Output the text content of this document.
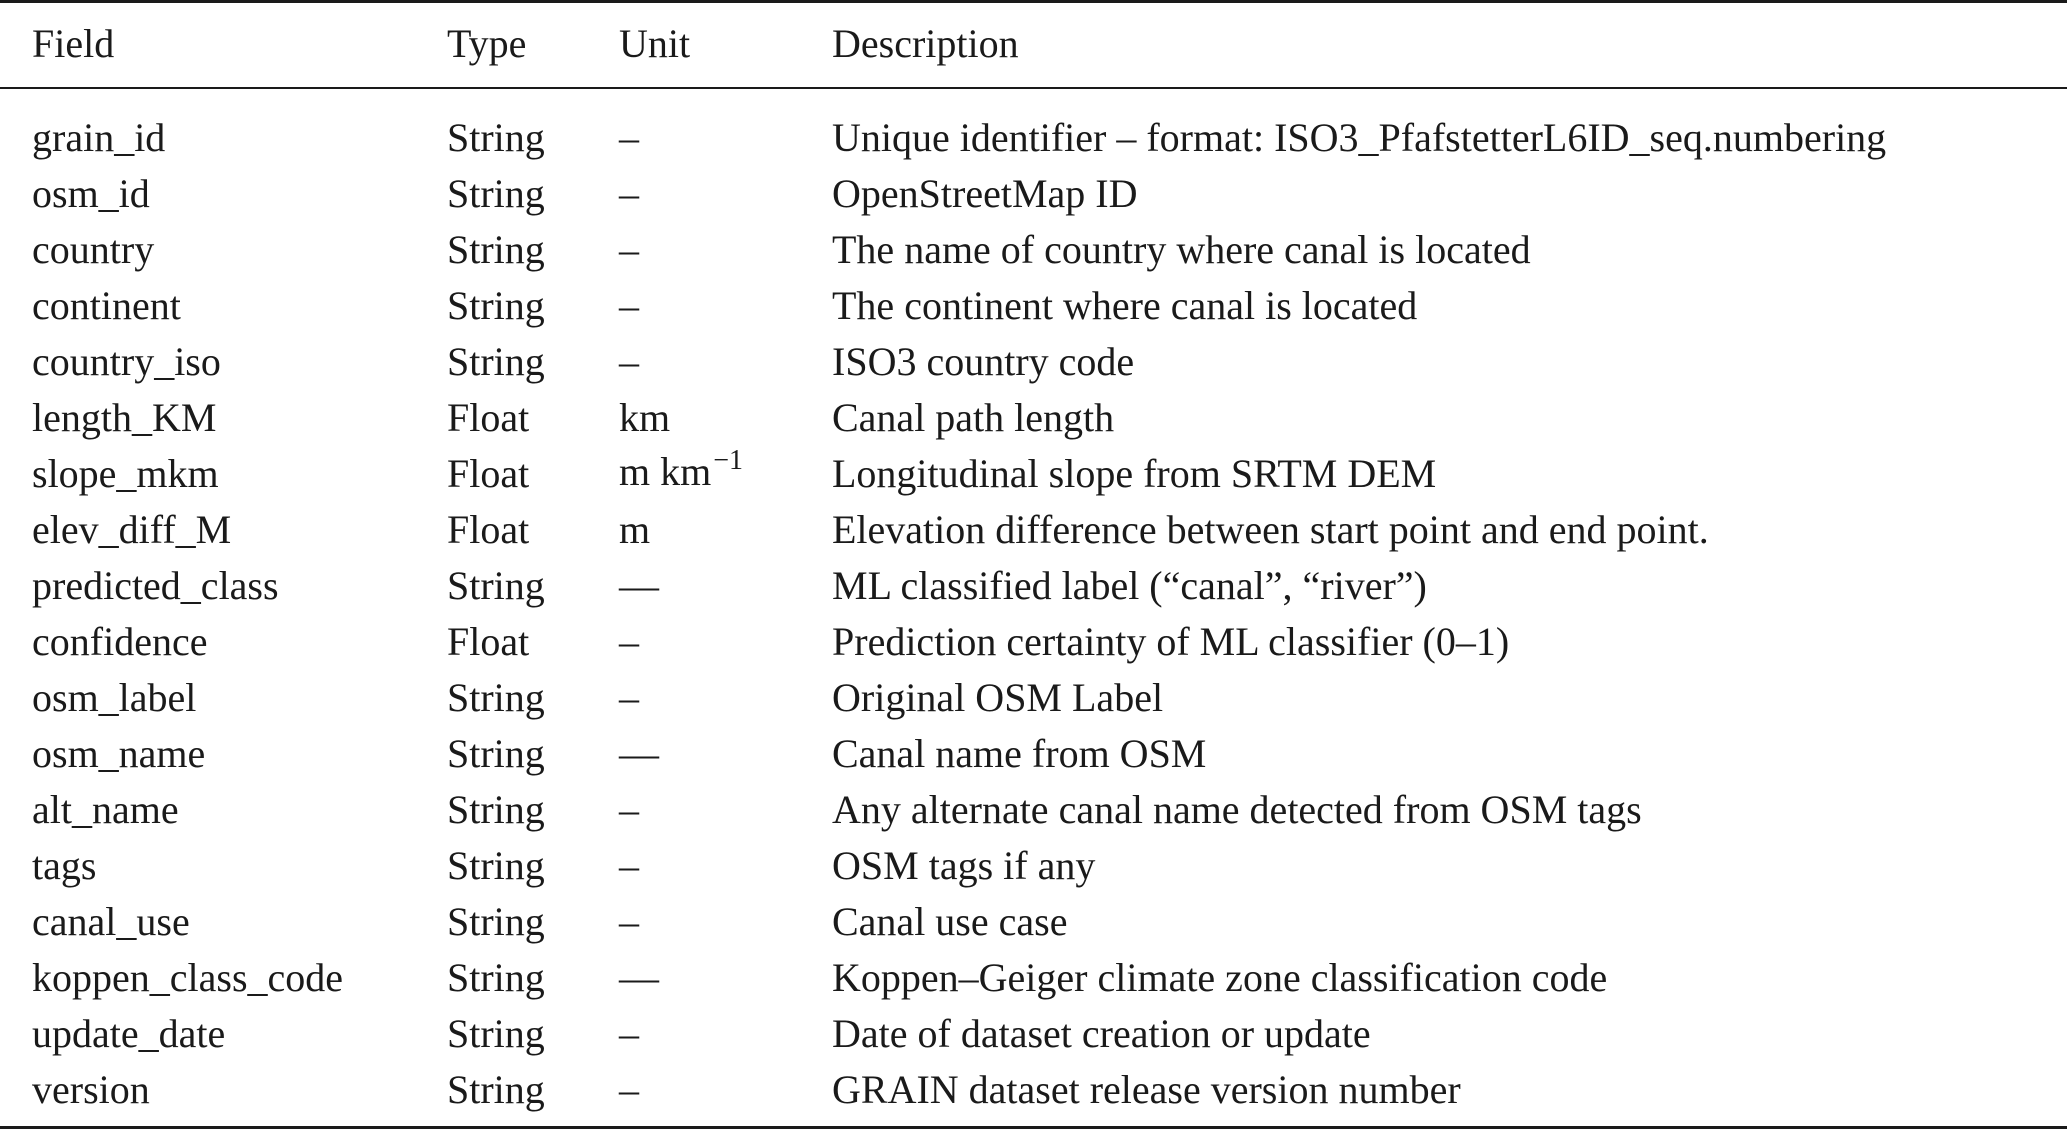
Field	Type	Unit	Description

grain_id	String	–	Unique identifier – format: ISO3_PfafstetterL6ID_seq.numbering
osm_id	String	–	OpenStreetMap ID
country	String	–	The name of country where canal is located
continent	String	–	The continent where canal is located
country_iso	String	–	ISO3 country code
length_KM	Float	km	Canal path length
slope_mkm	Float	m $km^{-1}$	Longitudinal slope from SRTM DEM
elev_diff_M	Float	m	Elevation difference between start point and end point.
predicted_class	String	—	ML classified label (“canal”, “river”)
confidence	Float	–	Prediction certainty of ML classifier (0–1)
osm_label	String	–	Original OSM Label
osm_name	String	—	Canal name from OSM
alt_name	String	–	Any alternate canal name detected from OSM tags
tags	String	–	OSM tags if any
canal_use	String	–	Canal use case
koppen_class_code	String	—	Koppen–Geiger climate zone classification code
update_date	String	–	Date of dataset creation or update
version	String	–	GRAIN dataset release version number
